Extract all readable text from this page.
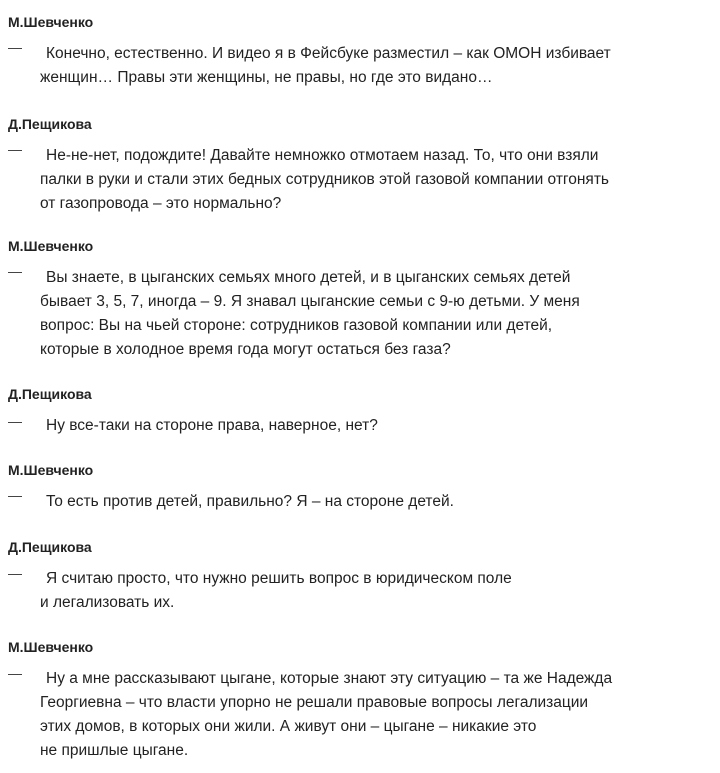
М.Шевченко
Конечно, естественно. И видео я в Фейсбуке разместил – как ОМОН избивает
женщин… Правы эти женщины, не правы, но где это видано…
Д.Пещикова
Не-не-нет, подождите! Давайте немножко отмотаем назад. То, что они взяли
палки в руки и стали этих бедных сотрудников этой газовой компании отгонять
от газопровода – это нормально?
М.Шевченко
Вы знаете, в цыганских семьях много детей, и в цыганских семьях детей
бывает 3, 5, 7, иногда – 9. Я знавал цыганские семьи с 9-ю детьми. У меня
вопрос: Вы на чьей стороне: сотрудников газовой компании или детей,
которые в холодное время года могут остаться без газа?
Д.Пещикова
Ну все-таки на стороне права, наверное, нет?
М.Шевченко
То есть против детей, правильно? Я – на стороне детей.
Д.Пещикова
Я считаю просто, что нужно решить вопрос в юридическом поле
и легализовать их.
М.Шевченко
Ну а мне рассказывают цыгане, которые знают эту ситуацию – та же Надежда
Георгиевна – что власти упорно не решали правовые вопросы легализации
этих домов, в которых они жили. А живут они – цыгане – никакие это
не пришлые цыгане.
